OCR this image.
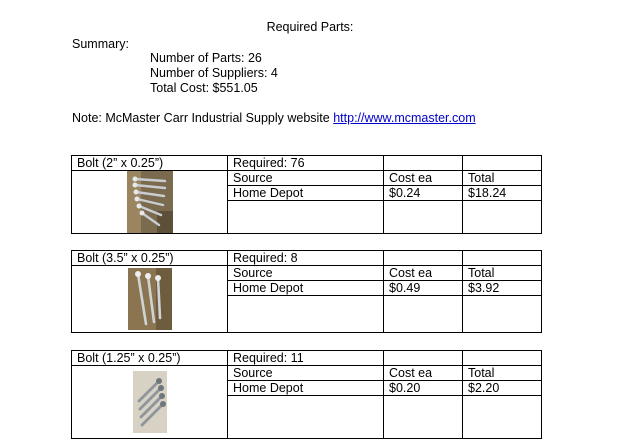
Required Parts:
Summary:
Number of Parts: 26
Number of Suppliers: 4
Total Cost: $551.05
Note: McMaster Carr Industrial Supply website http://www.mcmaster.com
Bolt (2” x 0.25”)	Required: 76		

	Source	Cost ea	Total
	Home Depot	$0.24	$18.24

Bolt (3.5” x 0.25”)	Required: 8		

	Source	Cost ea	Total
	Home Depot	$0.49	$3.92

Bolt (1.25” x 0.25”)	Required: 11		

	Source	Cost ea	Total
	Home Depot	$0.20	$2.20
